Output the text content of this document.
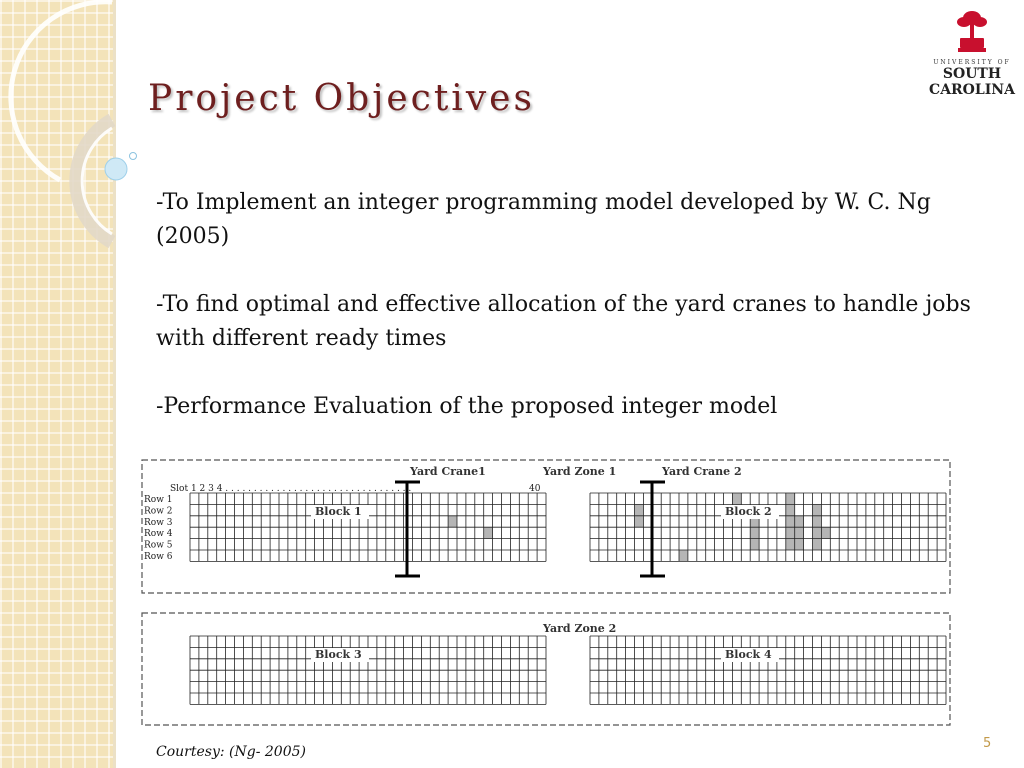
Project Objectives
UNIVERSITY OF
SOUTH
CAROLINA

-To Implement an integer programming model developed by W. C. Ng (2005)

-To find optimal and effective allocation of the yard cranes to handle jobs with different ready times

-Performance Evaluation of the proposed integer model

Yard Crane1	Yard Zone 1	Yard Crane 2
Yard Zone 2
Slot 1 2 3 4 . . . . . . . . . . . . . . . . . . . . . . . . . . . . . . . . .	40
Row 1
Row 2
Row 3
Row 4
Row 5
Row 6
Block 1	Block 2
Block 3	Block 4
Courtesy: (Ng- 2005)
5
